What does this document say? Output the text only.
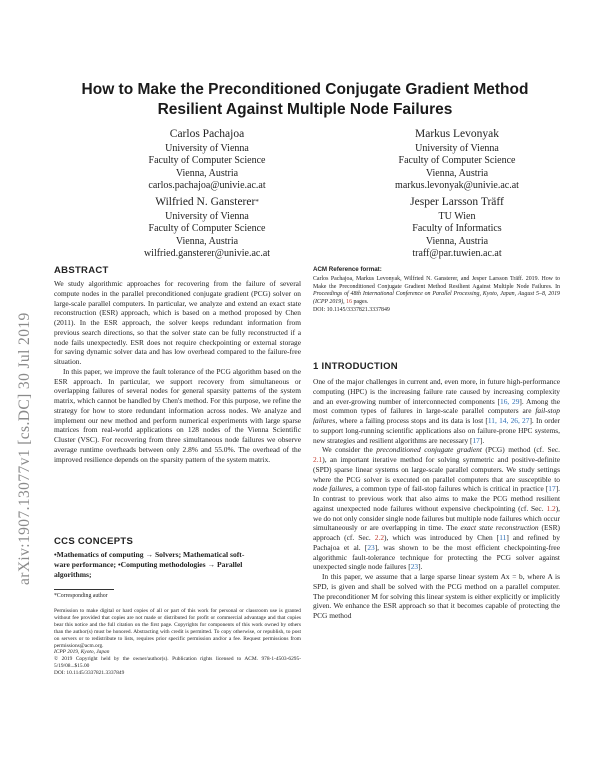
arXiv:1907.13077v1 [cs.DC] 30 Jul 2019
How to Make the Preconditioned Conjugate Gradient Method
Resilient Against Multiple Node Failures
Carlos Pachajoa
University of Vienna
Faculty of Computer Science
Vienna, Austria
carlos.pachajoa@univie.ac.at
Markus Levonyak
University of Vienna
Faculty of Computer Science
Vienna, Austria
markus.levonyak@univie.ac.at
Wilfried N. Gansterer*
University of Vienna
Faculty of Computer Science
Vienna, Austria
wilfried.gansterer@univie.ac.at
Jesper Larsson Träff
TU Wien
Faculty of Informatics
Vienna, Austria
traff@par.tuwien.ac.at
ABSTRACT

We study algorithmic approaches for recovering from the failure of several compute nodes in the parallel preconditioned conjugate gradient (PCG) solver on large-scale parallel computers. In particular, we analyze and extend an exact state reconstruction (ESR) approach, which is based on a method proposed by Chen (2011). In the ESR approach, the solver keeps redundant information from previous search directions, so that the solver state can be fully reconstructed if a node fails unexpectedly. ESR does not require checkpointing or external storage for saving dynamic solver data and has low overhead compared to the failure-free situation.

In this paper, we improve the fault tolerance of the PCG algorithm based on the ESR approach. In particular, we support recovery from simultaneous or overlapping failures of several nodes for general sparsity patterns of the system matrix, which cannot be handled by Chen's method. For this purpose, we refine the strategy for how to store redundant information across nodes. We analyze and implement our new method and perform numerical experiments with large sparse matrices from real-world applications on 128 nodes of the Vienna Scientific Cluster (VSC). For recovering from three simultaneous node failures we observe average runtime overheads between only 2.8% and 55.0%. The overhead of the improved resilience depends on the sparsity pattern of the system matrix.

CCS CONCEPTS
•Mathematics of computing → Solvers; Mathematical soft-
ware performance; •Computing methodologies → Parallel
algorithms;
*Corresponding author

Permission to make digital or hard copies of all or part of this work for personal or classroom use is granted without fee provided that copies are not made or distributed for profit or commercial advantage and that copies bear this notice and the full citation on the first page. Copyrights for components of this work owned by others than the author(s) must be honored. Abstracting with credit is permitted. To copy otherwise, or republish, to post on servers or to redistribute to lists, requires prior specific permission and/or a fee. Request permissions from permissions@acm.org.

ICPP 2019, Kyoto, Japan

© 2019 Copyright held by the owner/author(s). Publication rights licensed to ACM. 978-1-4503-6295-5/19/08...$15.00

DOI: 10.1145/3337821.3337849

ACM Reference format:

Carlos Pachajoa, Markus Levonyak, Wilfried N. Gansterer, and Jesper Larsson Träff. 2019. How to Make the Preconditioned Conjugate Gradient Method Resilient Against Multiple Node Failures. In Proceedings of 48th International Conference on Parallel Processing, Kyoto, Japan, August 5–8, 2019 (ICPP 2019), 16 pages.

DOI: 10.1145/3337821.3337849

1 INTRODUCTION

One of the major challenges in current and, even more, in future high-performance computing (HPC) is the increasing failure rate caused by increasing complexity and an ever-growing number of interconnected components [16, 29]. Among the most common types of failures in large-scale parallel computers are fail-stop failures, where a failing process stops and its data is lost [11, 14, 26, 27]. In order to support long-running scientific applications also on failure-prone HPC systems, new strategies and resilient algorithms are necessary [17].

We consider the preconditioned conjugate gradient (PCG) method (cf. Sec. 2.1), an important iterative method for solving symmetric and positive-definite (SPD) sparse linear systems on large-scale parallel computers. We study settings where the PCG solver is executed on parallel computers that are susceptible to node failures, a common type of fail-stop failures which is critical in practice [17]. In contrast to previous work that also aims to make the PCG method resilient against unexpected node failures without expensive checkpointing (cf. Sec. 1.2), we do not only consider single node failures but multiple node failures which occur simultaneously or are overlapping in time. The exact state reconstruction (ESR) approach (cf. Sec. 2.2), which was introduced by Chen [11] and refined by Pachajoa et al. [23], was shown to be the most efficient checkpointing-free algorithmic fault-tolerance technique for protecting the PCG solver against unexpected single node failures [23].

In this paper, we assume that a large sparse linear system Ax = b, where A is SPD, is given and shall be solved with the PCG method on a parallel computer. The preconditioner M for solving this linear system is either explicitly or implicitly given. We enhance the ESR approach so that it becomes capable of protecting the PCG method
